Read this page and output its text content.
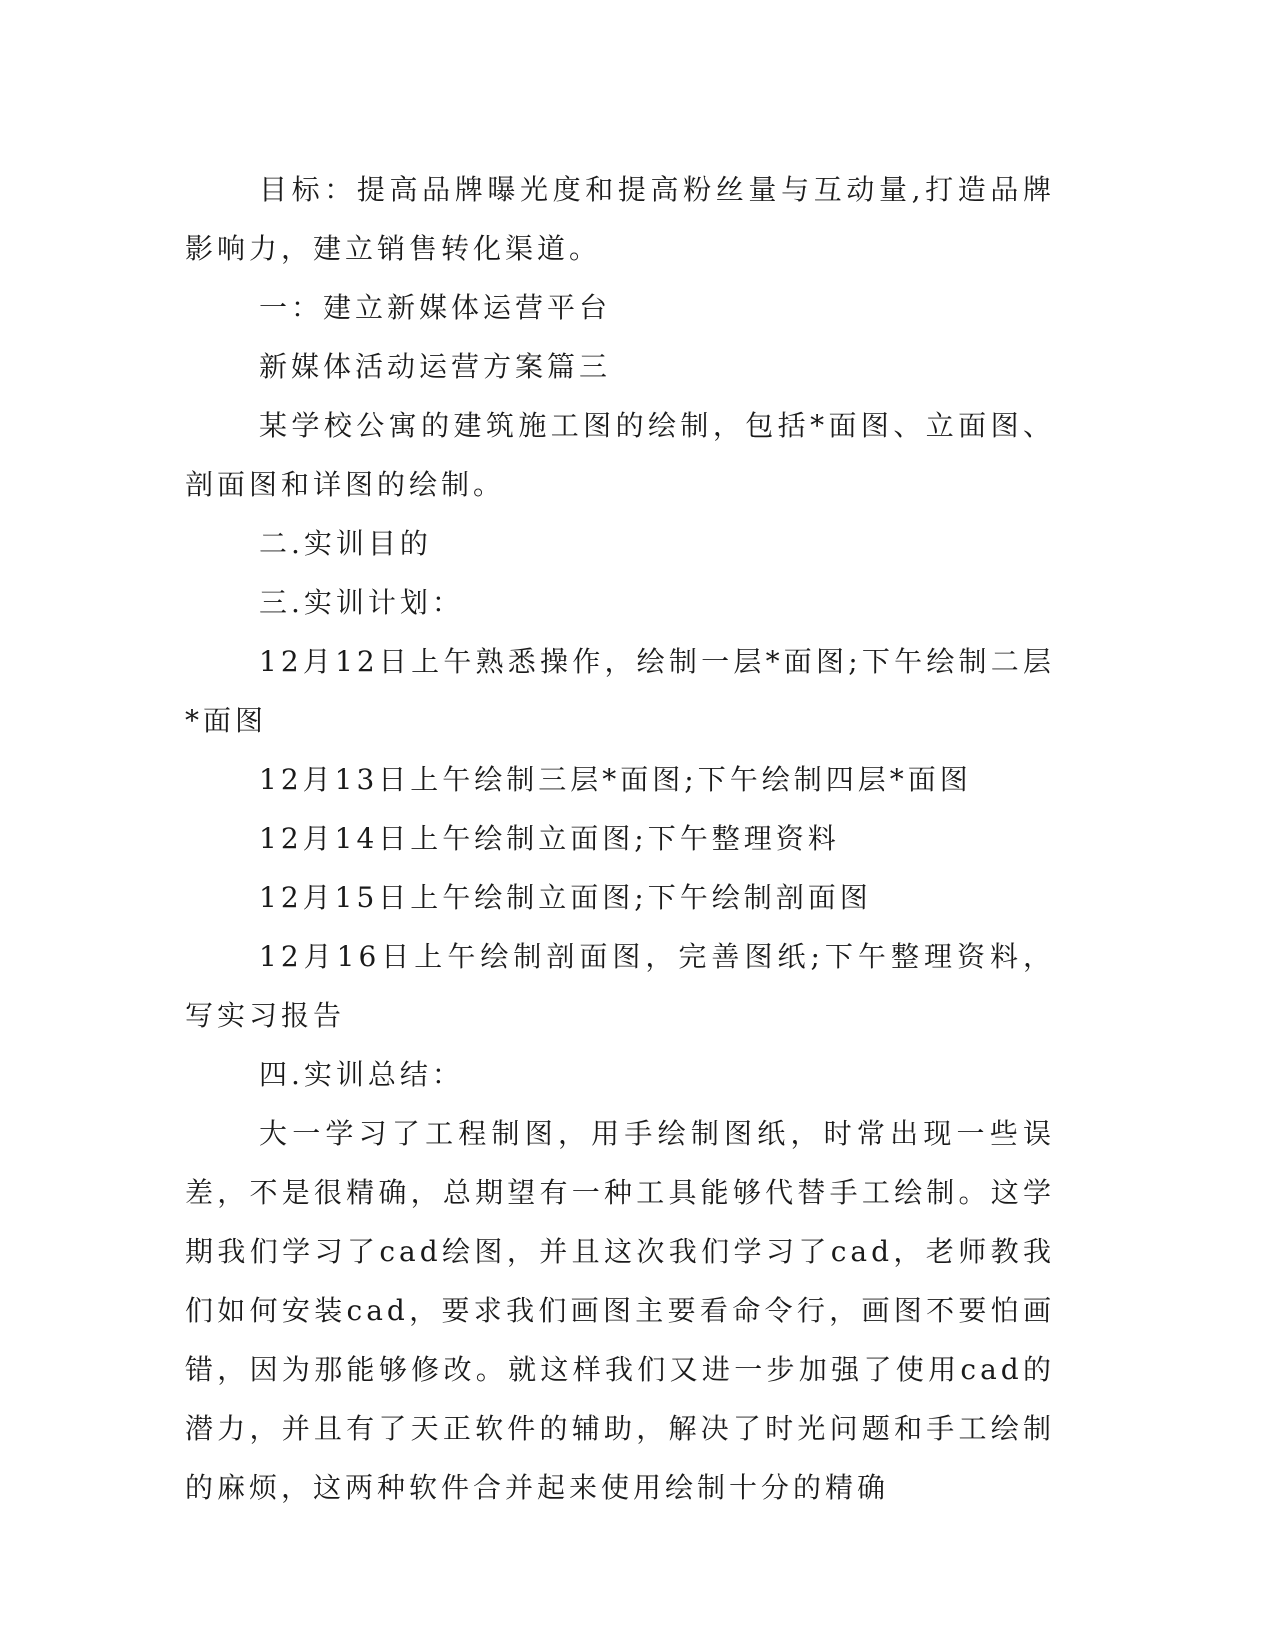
目标：提高品牌曝光度和提高粉丝量与互动量,打造品牌影响力，建立销售转化渠道。

一：建立新媒体运营平台

新媒体活动运营方案篇三

某学校公寓的建筑施工图的绘制，包括*面图、立面图、剖面图和详图的绘制。

二.实训目的

三.实训计划：

12月12日上午熟悉操作，绘制一层*面图;下午绘制二层*面图

12月13日上午绘制三层*面图;下午绘制四层*面图

12月14日上午绘制立面图;下午整理资料

12月15日上午绘制立面图;下午绘制剖面图

12月16日上午绘制剖面图，完善图纸;下午整理资料，写实习报告

四.实训总结：

大一学习了工程制图，用手绘制图纸，时常出现一些误差，不是很精确，总期望有一种工具能够代替手工绘制。这学期我们学习了cad绘图，并且这次我们学习了cad，老师教我们如何安装cad，要求我们画图主要看命令行，画图不要怕画错，因为那能够修改。就这样我们又进一步加强了使用cad的潜力，并且有了天正软件的辅助，解决了时光问题和手工绘制的麻烦，这两种软件合并起来使用绘制十分的精确
